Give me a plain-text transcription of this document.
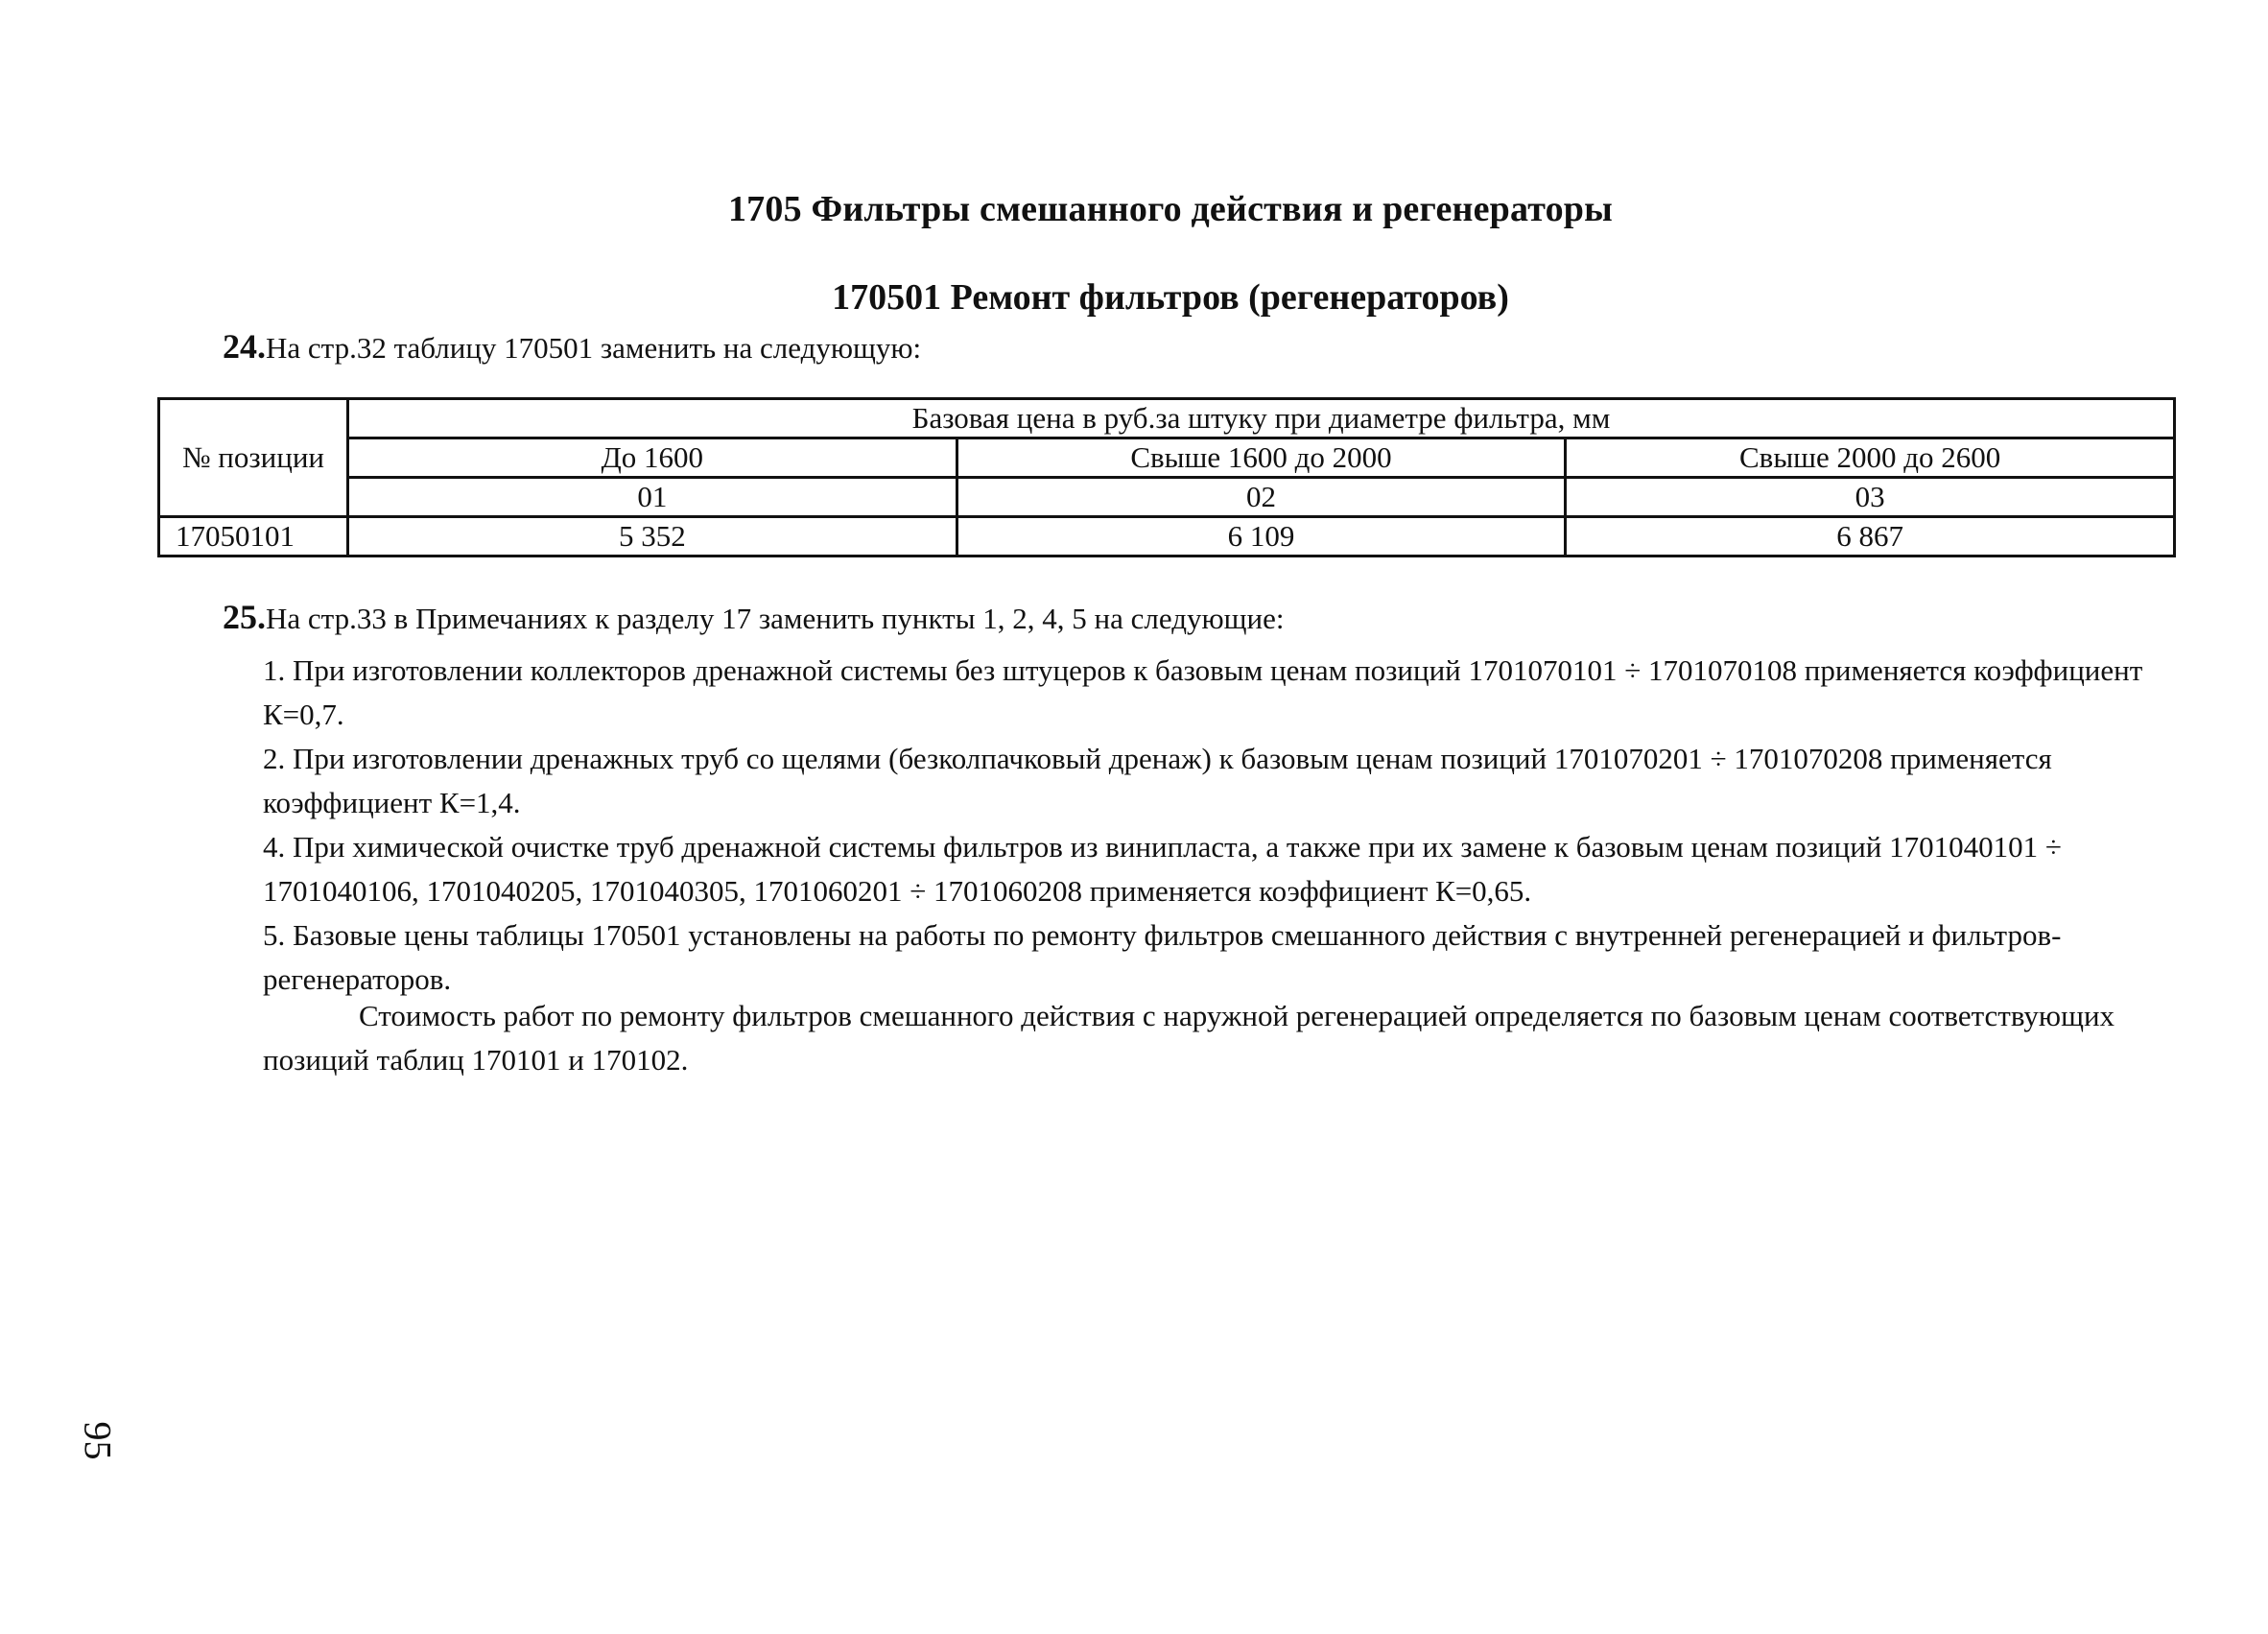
1705 Фильтры смешанного действия и регенераторы
170501 Ремонт фильтров (регенераторов)
24.На стр.32 таблицу 170501 заменить на следующую:
№ позиции	Базовая цена в руб.за штуку при диаметре фильтра, мм		
	До 1600	Свыше 1600 до 2000	Свыше 2000 до 2600
	01	02	03
17050101	5 352	6 109	6 867
25.На стр.33 в Примечаниях к разделу 17 заменить пункты 1, 2, 4, 5 на следующие:
1. При изготовлении коллекторов дренажной системы без штуцеров к базовым ценам позиций 1701070101 ÷ 1701070108 применяется коэффициент К=0,7.
2. При изготовлении дренажных труб со щелями (безколпачковый дренаж) к базовым ценам позиций 1701070201 ÷ 1701070208 применяется коэффициент К=1,4.
4. При химической очистке труб дренажной системы фильтров из винипласта, а также при их замене к базовым ценам позиций 1701040101 ÷ 1701040106, 1701040205, 1701040305, 1701060201 ÷ 1701060208 применяется коэффициент К=0,65.
5. Базовые цены таблицы 170501 установлены на работы по ремонту фильтров смешанного действия с внутренней регенерацией и фильтров-регенераторов.
Стоимость работ по ремонту фильтров смешанного действия с наружной регенерацией определяется по базовым ценам соответствующих позиций таблиц 170101 и 170102.
95
